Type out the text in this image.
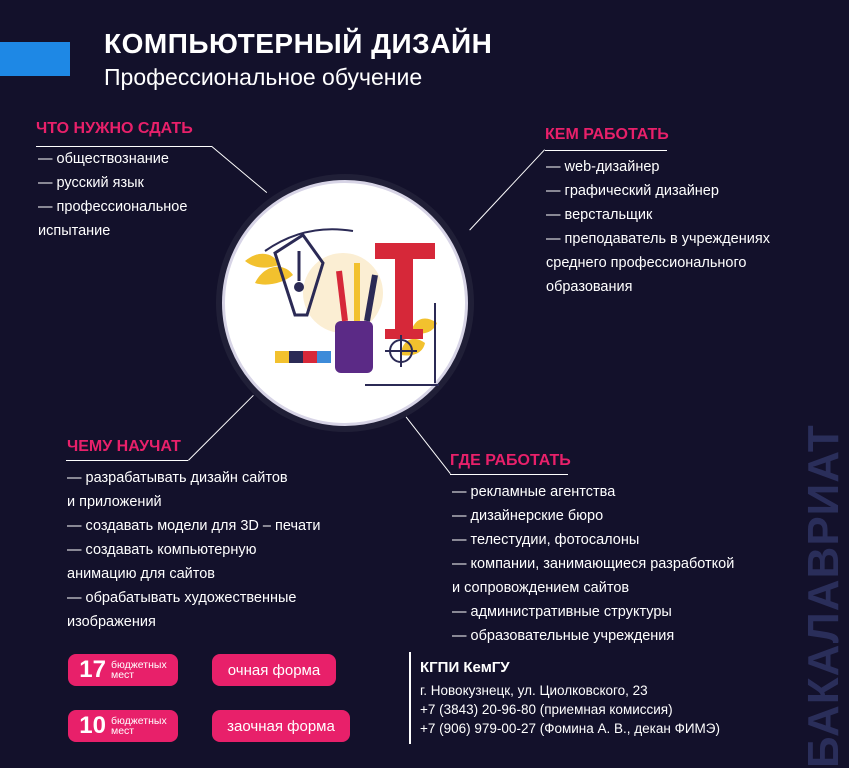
КОМПЬЮТЕРНЫЙ ДИЗАЙН
Профессиональное обучение
ЧТО НУЖНО СДАТЬ
— обществознание
— русский язык
— профессиональное
испытание
КЕМ РАБОТАТЬ
— web-дизайнер
— графический дизайнер
— верстальщик
— преподаватель в учреждениях
среднего профессионального
образования
ЧЕМУ НАУЧАТ
— разрабатывать дизайн сайтов
и приложений
— создавать модели для 3D – печати
— создавать компьютерную
анимацию для сайтов
— обрабатывать художественные
изображения
ГДЕ РАБОТАТЬ
— рекламные агентства
— дизайнерские бюро
— телестудии, фотосалоны
— компании, занимающиеся разработкой
и сопровождением сайтов
— административные структуры
— образовательные учреждения
17 бюджетных
мест	очная форма
10 бюджетных
мест	заочная форма
КГПИ КемГУ
г. Новокузнецк, ул. Циолковского, 23
+7 (3843) 20-96-80 (приемная комиссия)
+7 (906) 979-00-27 (Фомина А. В., декан ФИМЭ) БАКАЛАВРИАТ
